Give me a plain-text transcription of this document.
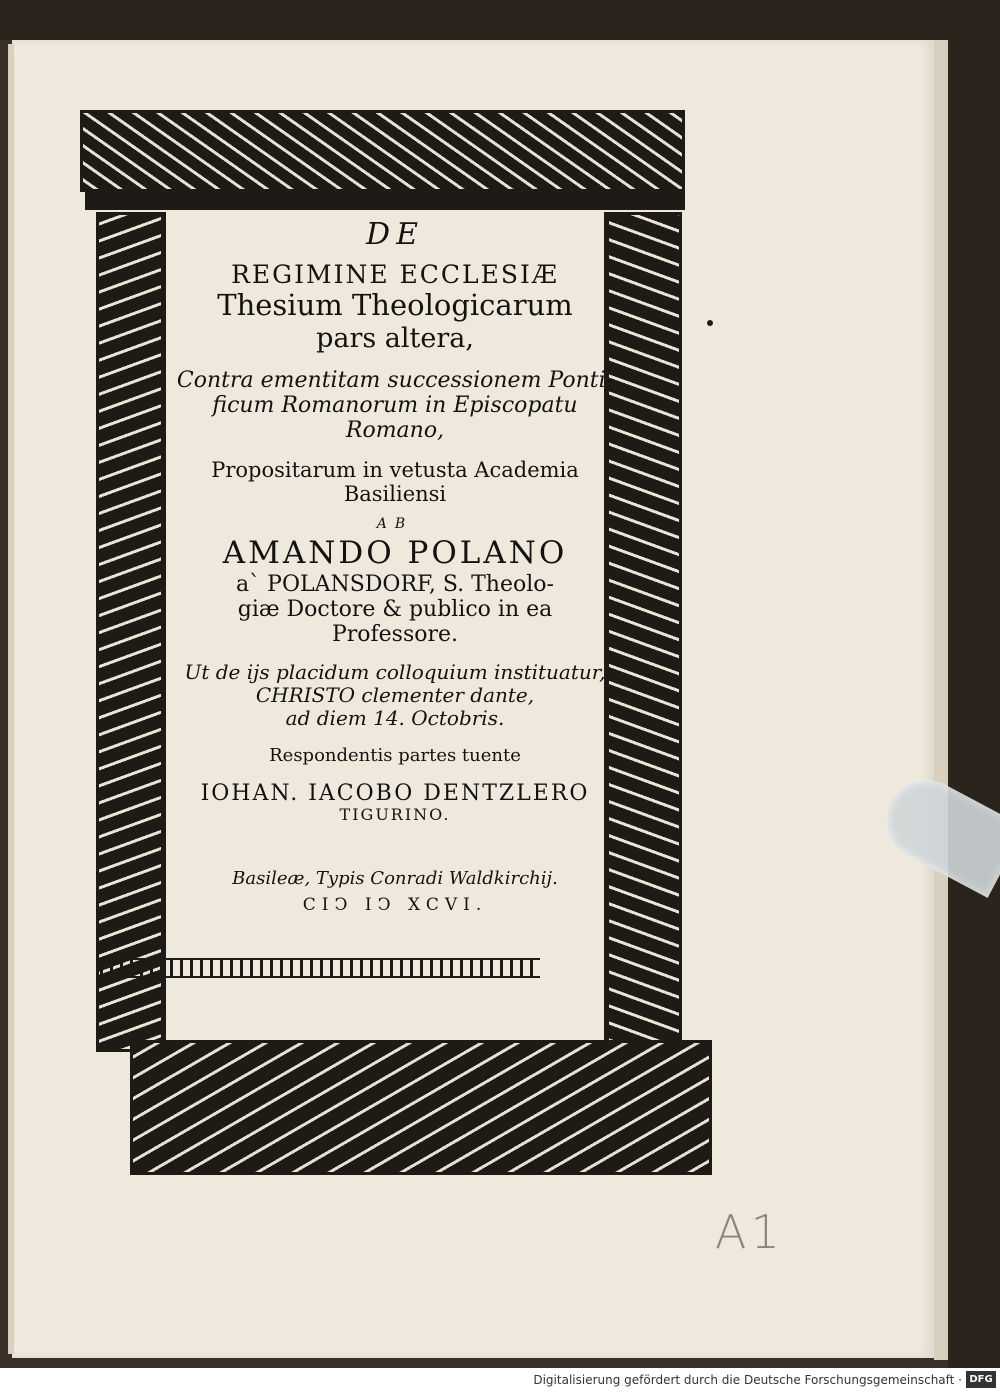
DE
REGIMINE ECCLESIÆ
Thesium Theologicarum
pars altera,
Contra ementitam successionem Ponti-
ficum Romanorum in Episcopatu
Romano,
Propositarum in vetusta Academia
Basiliensi
AB
AMANDO POLANO
a` POLANSDORF, S. Theolo-
giæ Doctore & publico in ea
Professore.
Ut de ijs placidum colloquium instituatur,
CHRISTO clementer dante,
ad diem 14. Octobris.
Respondentis partes tuente
IOHAN. IACOBO DENTZLERO
TIGURINO.
Basileæ, Typis Conradi Waldkirchij.
CIↃ IↃ XCVI.
A1
Digitalisierung gefördert durch die Deutsche Forschungsgemeinschaft · DFG
